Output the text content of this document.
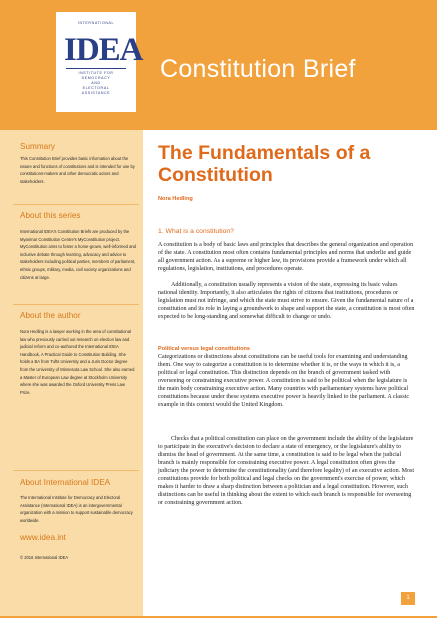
INTERNATIONAL
IDEA
INSTITUTE FOR
DEMOCRACY
AND
ELECTORAL
ASSISTANCE
Constitution Brief
Summary
This Constitution Brief provides basic information about the nature and functions of constitutions and is intended for use by constitutions-makers and other democratic actors and stakeholders.
About this series
International IDEA's Constitution Briefs are produced by the Myanmar Constitution Centre's MyConstitution project. MyConstitution aims to foster a home-grown, well-informed and inclusive debate through learning, advocacy and advice to stakeholders including political parties, members of parliament, ethnic groups, military, media, civil society organizations and citizens at large.
About the author
Nora Hedling is a lawyer working in the area of constitutional law who previously carried out research on election law and judicial reform and co-authored the International IDEA Handbook, A Practical Guide to Constitution Building. She holds a BA from Tufts University and a Juris Doctor degree from the University of Minnesota Law School. She also earned a Master of European Law degree at Stockholm University where she was awarded the Oxford University Press Law Prize.
About International IDEA
The International Institute for Democracy and Electoral Assistance (International IDEA) is an intergovernmental organization with a mission to support sustainable democracy worldwide.
www.idea.int
© 2016 International IDEA
October 2016
The Fundamentals of a Constitution
Nora Hedling
1. What is a constitution?
A constitution is a body of basic laws and principles that describes the general organization and operation of the state. A constitution most often contains fundamental principles and norms that underlie and guide all government action. As a supreme or higher law, its provisions provide a framework under which all regulations, legislation, institutions, and procedures operate.
Additionally, a constitution usually represents a vision of the state, expressing its basic values national identity. Importantly, it also articulates the rights of citizens that institutions, procedures or legislation must not infringe, and which the state must strive to ensure. Given the fundamental nature of a constitution and its role in laying a groundwork to shape and support the state, a constitution is most often expected to be long-standing and somewhat difficult to change or undo.
Political versus legal constitutions
Categorizations or distinctions about constitutions can be useful tools for examining and understanding them. One way to categorize a constitution is to determine whether it is, or the ways in which it is, a political or legal constitution. This distinction depends on the branch of government tasked with overseeing or constraining executive power. A constitution is said to be political when the legislature is the main body constraining executive action. Many countries with parliamentary systems have political constitutions because under these systems executive power is heavily linked to the parliament. A classic example in this context would the United Kingdom.
Checks that a political constitution can place on the government include the ability of the legislature to participate in the executive's decision to declare a state of emergency, or the legislature's ability to dismiss the head of government. At the same time, a constitution is said to be legal when the judicial branch is mainly responsible for constraining executive power. A legal constitution often gives the judiciary the power to determine the constitutionality (and therefore legality) of an executive action. Most constitutions provide for both political and legal checks on the government's exercise of power, which makes it harder to draw a sharp distinction between a politician and a legal constitution. However, such distinctions can be useful in thinking about the extent to which each branch is responsible for overseeing or constraining government action.
1
